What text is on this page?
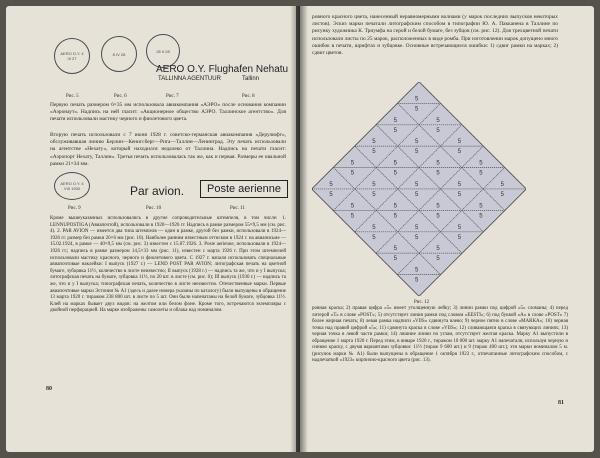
AERO O.Y. 4 III 27
8 IV 28
26 II 28
AERO O.Y. Flughafen Nehatu
TALLINNA AGENTUUR	Tallinn
Рис. 5	Рис. 6	Рис. 7	Рис. 8
Первую печать размером 6×35 мм использовала авиакомпания «АЭРО» после основания компании «Аэронаут». Надпись на ней гласит: «Акционерное общество АЭРО. Таллинское агентство». Для печати использовали мастику черного и фиолетового цвета.
Вторую печать использовали с 7 июня 1928 г. советско-германская авиакомпания «Дерулюфт», обслуживавшая линию Берлин—Кенигсберг—Рига—Таллин—Ленинград. Эту печать использовали на агентстве «Нехату», который находился недалеко от Таллина. Надпись на печати гласит: «Аэропорт Нехату, Таллин». Третья печать использовалась так же, как и первая. Размеры ее овальной рамки 21×34 мм.
AERO O.Y. 4 VIII 1930	Par avion.	Poste aerienne
Рис. 9	Рис. 10	Рис. 11
Кроме вышеуказанных использовались в другие сопроводительные штемпеля, в том числе: 1. LENNUPOSTIGA (Авиапочтой), использовали в 1920—1926 гг. Надпись в рамке размером 55×9,5 мм (см. рис. 4). 2. PAR AVION — имеется два типа штемпеля — один в рамке, другой без рамки, использовали в 1924—1926 гг. размер без рамки 26×6 мм (рис. 10). Наиболее ранним известным оттиском в 1924 г. на авиаписьме — 15.02.1924, в рамке — 40×9,5 мм (см. рис. 3) известен с 15.07.1926. 3. Poste aerienne, использовали в 1924—1926 гг.; надпись в рамке размером 14,5×33 мм (рис. 11), известен с марта 1926 г. При этом штемпелей использовали мастику красного, черного и фиолетового цвета. С 1927 г. начали использовать специальные авиапочтовые наклейки: I выпуск (1927 г.) — LEND POST PAR AVION; литографская печать на цветной бумаге, зубцовка 11½, количество в листе неизвестно; II выпуск (1928 г.) — надпись та же, что и у I выпуска; литографская печать на бумаге, зубцовка 11½, по 20 шт. в листе (см. рис. 6); III выпуск (1930 г.) — надпись та же, что и у I выпуска; типографская печать, количество в листе неизвестно. Отечественные марки. Первые авиапочтовые марки Эстонии № А1 (здесь и далее номера указаны по каталогу) были выпущены в обращение 13 марта 1920 г. тиражом 238 800 шт. в листе по 5 шт. Они были напечатаны на белой бумаге, зубцовка 11½. Клей на марках бывает двух видов: на желтом или белом фоне. Кроме того, встречаются экземпляры с двойной перфорацией. На марке изображены самолеты и облака над номиналом.
80
ровного красного цвета, нанесенный неравномерными волнами (у марок последних выпусков некоторых листов). Эскиз марки печатали литографским способом в типографии Ю. А. Пакканена в Таллине по рисунку художника К. Триумфа на серой и белой бумаге, без зубцов (см. рис. 12). Для трехцветной печати использовали листы по 25 марок, расположенных в виде ромба. При изготовлении марок допущено много ошибок в печати, шрифтах и зубцовке. Основные встречающиеся ошибки: 1) сдвиг рамки на марках; 2) сдвиг цветов.
5
5
5
5
5
5
5
5
5
5
5
5
5
5
5
5
5
5
5
5
5
5
5
5
5
5
5
5
5
5
5
5
5
5
5
5
5
5
5
5
5
5
5
5
5
5
5
5
5
5
Рис. 12
ровная краска; 2) правая цифра «5» имеет утолщенную лейку; 3) линии рамки под цифрой «5» сломаны; 4) перед литерой «Т» в слове «POST»; 5) отсутствует линия рамки под словом «EESTI»; 6) под буквой «А» в слове «POST» 7) более жирная печать; 8) левая рамка надписи «VIIS» сдвинута влево; 9) черное пятно в слове «MARKA»; 10) черная точка над правой цифрой «5»; 11) сдвинута краска в слове «VIIS»; 12) сливающаяся краска в связующих линиях; 13) черная точка в левой части рамки; 14) лишние линии по углам, отсутствует желтая краска. Марку А1 выпустили в обращение 1 марта 1920 г. Перед этим, в январе 1920 г., тиражом 10 000 шт. марку А1 напечатали, используя черную и синюю краску, с двумя вариантами зубцовки: 11½ (тираж 9 600 шт.) и 9 (тираж 400 шт.); эти марки номиналом 5 м. (рисунок марки № А1) были выпущены в обращение 1 октября 1923 г., отпечатанные литографским способом, с надпечаткой «1923» кирпично-красного цвета (рис. 13).
81
